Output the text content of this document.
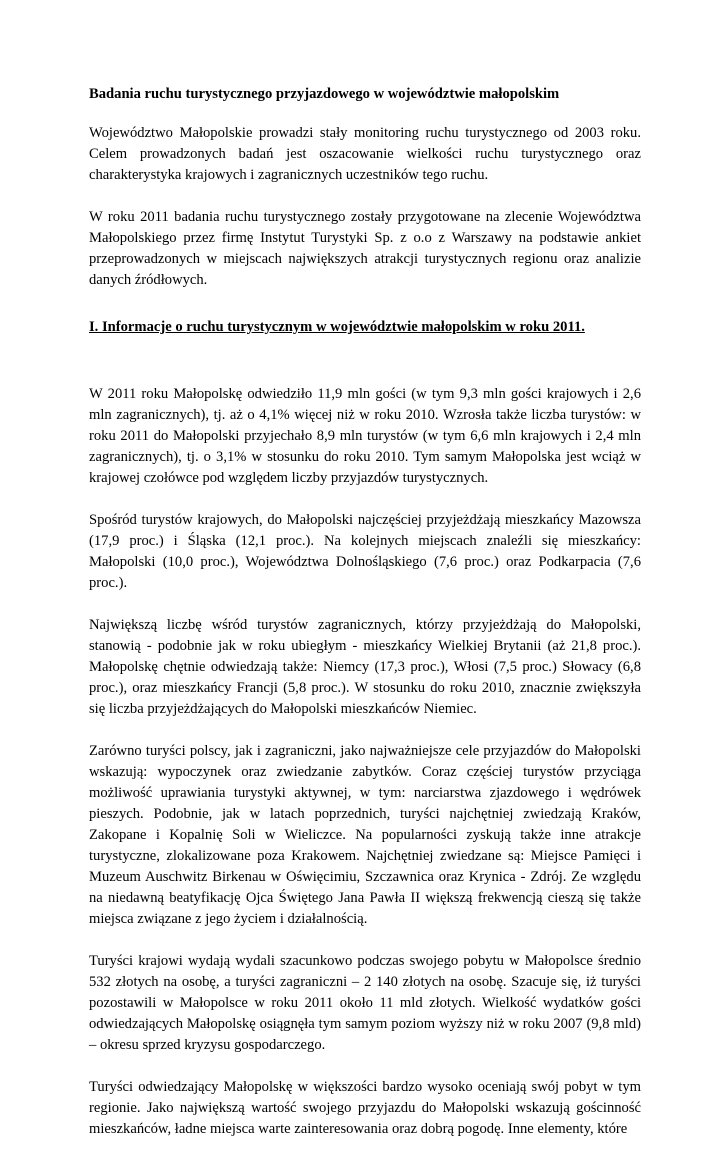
Badania ruchu turystycznego przyjazdowego w województwie małopolskim

Województwo Małopolskie prowadzi stały monitoring ruchu turystycznego od 2003 roku. Celem prowadzonych badań jest oszacowanie wielkości ruchu turystycznego oraz charakterystyka krajowych i zagranicznych uczestników tego ruchu.

W roku 2011 badania ruchu turystycznego zostały przygotowane na zlecenie Województwa Małopolskiego przez firmę Instytut Turystyki Sp. z o.o z Warszawy na podstawie ankiet przeprowadzonych w miejscach największych atrakcji turystycznych regionu oraz analizie danych źródłowych.

I. Informacje o ruchu turystycznym w województwie małopolskim w roku 2011.

W 2011 roku Małopolskę odwiedziło 11,9 mln gości (w tym 9,3 mln gości krajowych i 2,6 mln zagranicznych), tj. aż o 4,1% więcej niż w roku 2010. Wzrosła także liczba turystów: w roku 2011 do Małopolski przyjechało 8,9 mln turystów (w tym 6,6 mln krajowych i 2,4 mln zagranicznych), tj. o 3,1% w stosunku do roku 2010. Tym samym Małopolska jest wciąż w krajowej czołówce pod względem liczby przyjazdów turystycznych.

Spośród turystów krajowych, do Małopolski najczęściej przyjeżdżają mieszkańcy Mazowsza (17,9 proc.) i Śląska (12,1 proc.). Na kolejnych miejscach znaleźli się mieszkańcy: Małopolski (10,0 proc.), Województwa Dolnośląskiego (7,6 proc.) oraz Podkarpacia (7,6 proc.).

Największą liczbę wśród turystów zagranicznych, którzy przyjeżdżają do Małopolski, stanowią - podobnie jak w roku ubiegłym - mieszkańcy Wielkiej Brytanii (aż 21,8 proc.). Małopolskę chętnie odwiedzają także: Niemcy (17,3 proc.), Włosi (7,5 proc.) Słowacy (6,8 proc.), oraz mieszkańcy Francji (5,8 proc.). W stosunku do roku 2010, znacznie zwiększyła się liczba przyjeżdżających do Małopolski mieszkańców Niemiec.

Zarówno turyści polscy, jak i zagraniczni, jako najważniejsze cele przyjazdów do Małopolski wskazują: wypoczynek oraz zwiedzanie zabytków. Coraz częściej turystów przyciąga możliwość uprawiania turystyki aktywnej, w tym: narciarstwa zjazdowego i wędrówek pieszych. Podobnie, jak w latach poprzednich, turyści najchętniej zwiedzają Kraków, Zakopane i Kopalnię Soli w Wieliczce. Na popularności zyskują także inne atrakcje turystyczne, zlokalizowane poza Krakowem. Najchętniej zwiedzane są: Miejsce Pamięci i Muzeum Auschwitz Birkenau w Oświęcimiu, Szczawnica oraz Krynica - Zdrój. Ze względu na niedawną beatyfikację Ojca Świętego Jana Pawła II większą frekwencją cieszą się także miejsca związane z jego życiem i działalnością.

Turyści krajowi wydają wydali szacunkowo podczas swojego pobytu w Małopolsce średnio 532 złotych na osobę, a turyści zagraniczni – 2 140 złotych na osobę. Szacuje się, iż turyści pozostawili w Małopolsce w roku 2011 około 11 mld złotych. Wielkość wydatków gości odwiedzających Małopolskę osiągnęła tym samym poziom wyższy niż w roku 2007 (9,8 mld) – okresu sprzed kryzysu gospodarczego.

Turyści odwiedzający Małopolskę w większości bardzo wysoko oceniają swój pobyt w tym regionie. Jako największą wartość swojego przyjazdu do Małopolski wskazują gościnność mieszkańców, ładne miejsca warte zainteresowania oraz dobrą pogodę. Inne elementy, które
